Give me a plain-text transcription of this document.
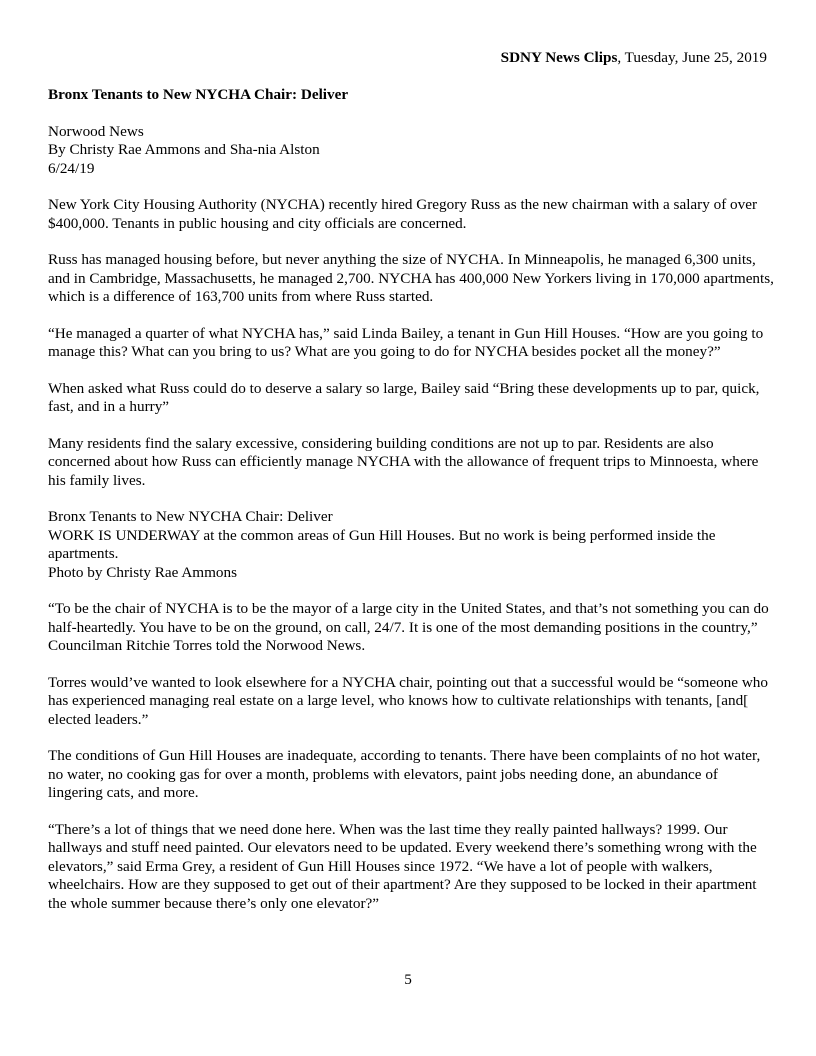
SDNY News Clips, Tuesday, June 25, 2019
Bronx Tenants to New NYCHA Chair: Deliver
Norwood News
By Christy Rae Ammons and Sha-nia Alston
6/24/19

New York City Housing Authority (NYCHA) recently hired Gregory Russ as the new chairman with a salary of over $400,000. Tenants in public housing and city officials are concerned.

Russ has managed housing before, but never anything the size of NYCHA. In Minneapolis, he managed 6,300 units, and in Cambridge, Massachusetts, he managed 2,700. NYCHA has 400,000 New Yorkers living in 170,000 apartments, which is a difference of 163,700 units from where Russ started.

“He managed a quarter of what NYCHA has,” said Linda Bailey, a tenant in Gun Hill Houses. “How are you going to manage this? What can you bring to us? What are you going to do for NYCHA besides pocket all the money?”

When asked what Russ could do to deserve a salary so large, Bailey said “Bring these developments up to par, quick, fast, and in a hurry”

Many residents find the salary excessive, considering building conditions are not up to par. Residents are also concerned about how Russ can efficiently manage NYCHA with the allowance of frequent trips to Minnoesta, where his family lives.

Bronx Tenants to New NYCHA Chair: Deliver
WORK IS UNDERWAY at the common areas of Gun Hill Houses. But no work is being performed inside the apartments.
Photo by Christy Rae Ammons

“To be the chair of NYCHA is to be the mayor of a large city in the United States, and that’s not something you can do half-heartedly. You have to be on the ground, on call, 24/7. It is one of the most demanding positions in the country,” Councilman Ritchie Torres told the Norwood News.

Torres would’ve wanted to look elsewhere for a NYCHA chair, pointing out that a successful would be “someone who has experienced managing real estate on a large level, who knows how to cultivate relationships with tenants, [and[ elected leaders.”

The conditions of Gun Hill Houses are inadequate, according to tenants. There have been complaints of no hot water, no water, no cooking gas for over a month, problems with elevators, paint jobs needing done, an abundance of lingering cats, and more.

“There’s a lot of things that we need done here. When was the last time they really painted hallways? 1999. Our hallways and stuff need painted. Our elevators need to be updated. Every weekend there’s something wrong with the elevators,” said Erma Grey, a resident of Gun Hill Houses since 1972. “We have a lot of people with walkers, wheelchairs. How are they supposed to get out of their apartment? Are they supposed to be locked in their apartment the whole summer because there’s only one elevator?”

5
